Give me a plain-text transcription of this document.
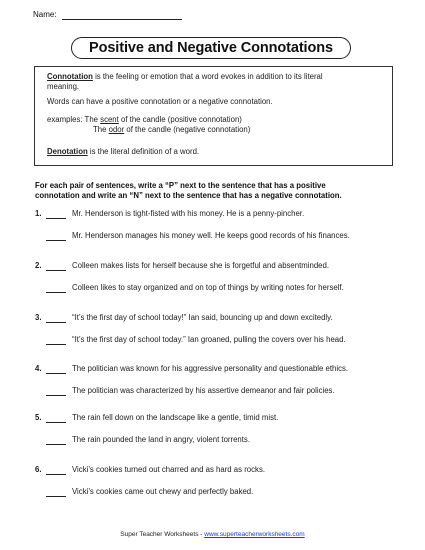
Name:
Positive and Negative Connotations
Connotation is the feeling or emotion that a word evokes in addition to its literal
meaning.
Words can have a positive connotation or a negative connotation.
examples: The scent of the candle (positive connotation)
The odor of the candle (negative connotation)
Denotation is the literal definition of a word.
For each pair of sentences, write a “P” next to the sentence that has a positive
connotation and write an “N” next to the sentence that has a negative connotation.
1.	Mr. Henderson is tight-fisted with his money. He is a penny-pincher.
Mr. Henderson manages his money well. He keeps good records of his finances.
2.	Colleen makes lists for herself because she is forgetful and absentminded.
Colleen likes to stay organized and on top of things by writing notes for herself.
3.	“It’s the first day of school today!” Ian said, bouncing up and down excitedly.
“It’s the first day of school today.” Ian groaned, pulling the covers over his head.
4.	The politician was known for his aggressive personality and questionable ethics.
The politician was characterized by his assertive demeanor and fair policies.
5.	The rain fell down on the landscape like a gentle, timid mist.
The rain pounded the land in angry, violent torrents.
6.	Vicki’s cookies turned out charred and as hard as rocks.
Vicki’s cookies came out chewy and perfectly baked.
Super Teacher Worksheets - www.superteacherworksheets.com
